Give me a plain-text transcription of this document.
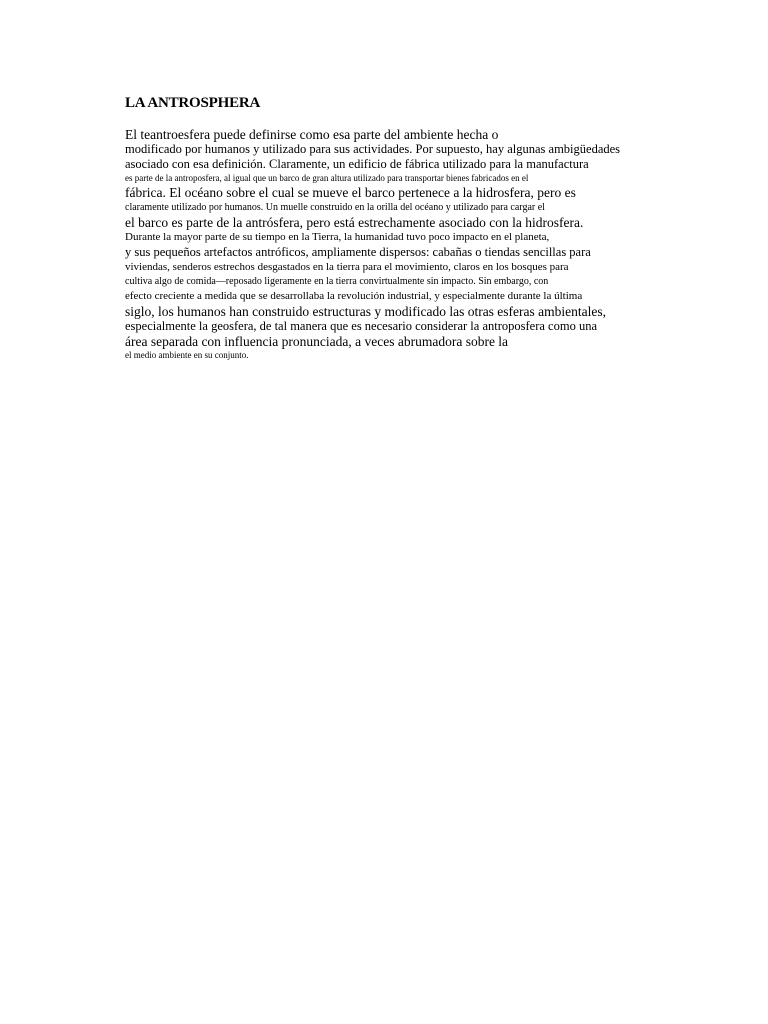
LA ANTROSPHERA
El teantroesfera puede definirse como esa parte del ambiente hecha o
modificado por humanos y utilizado para sus actividades. Por supuesto, hay algunas ambigüedades
asociado con esa definición. Claramente, un edificio de fábrica utilizado para la manufactura
es parte de la antroposfera, al igual que un barco de gran altura utilizado para transportar bienes fabricados en el
fábrica. El océano sobre el cual se mueve el barco pertenece a la hidrosfera, pero es
claramente utilizado por humanos. Un muelle construido en la orilla del océano y utilizado para cargar el
el barco es parte de la antrósfera, pero está estrechamente asociado con la hidrosfera.
Durante la mayor parte de su tiempo en la Tierra, la humanidad tuvo poco impacto en el planeta,
y sus pequeños artefactos antróficos, ampliamente dispersos: cabañas o tiendas sencillas para
viviendas, senderos estrechos desgastados en la tierra para el movimiento, claros en los bosques para
cultiva algo de comida—reposado ligeramente en la tierra convirtualmente sin impacto. Sin embargo, con
efecto creciente a medida que se desarrollaba la revolución industrial, y especialmente durante la última
siglo, los humanos han construido estructuras y modificado las otras esferas ambientales,
especialmente la geosfera, de tal manera que es necesario considerar la antroposfera como una
área separada con influencia pronunciada, a veces abrumadora sobre la
el medio ambiente en su conjunto.
